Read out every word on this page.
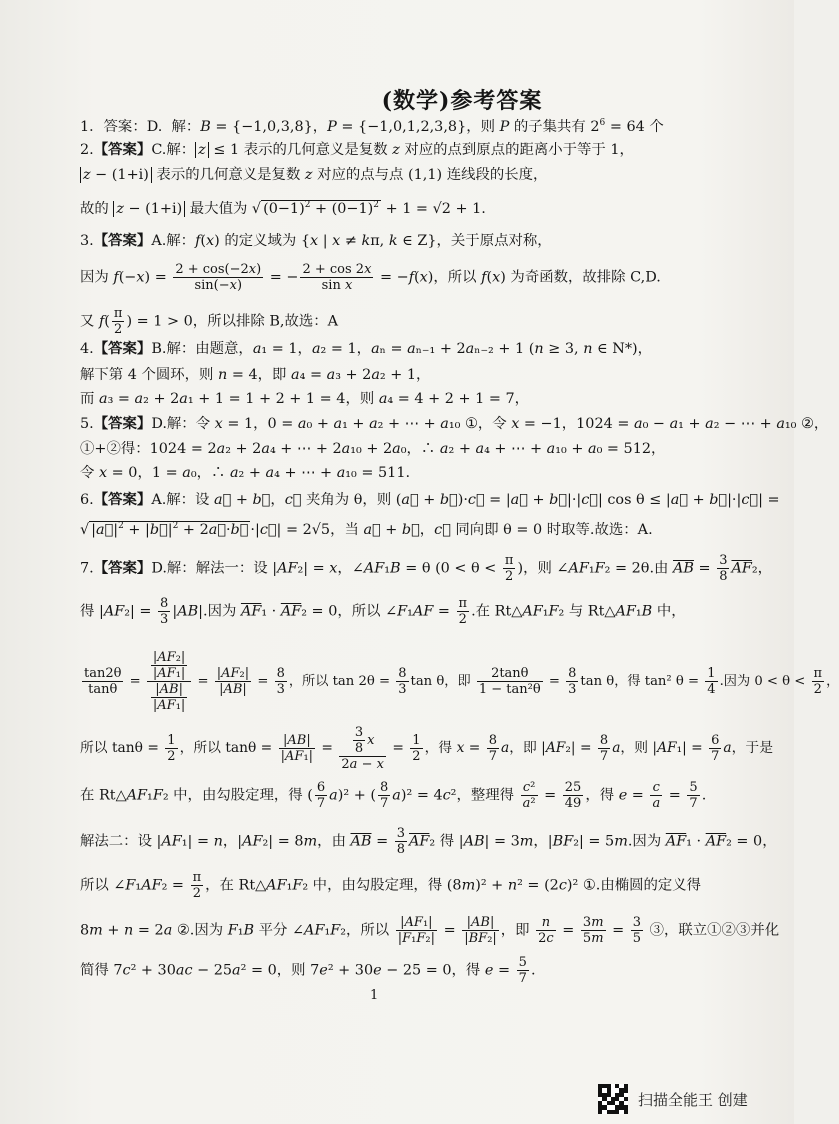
(数学)参考答案
1．答案：D.  解：B = {−1,0,3,8}，P = {−1,0,1,2,3,8}，则 P 的子集共有 $2^6 = 64$ 个
2.【答案】C.解： z ≤ 1 表示的几何意义是复数 z 对应的点到原点的距离小于等于 1，
z − (1+i) 表示的几何意义是复数 z 对应的点与点 (1,1) 连线段的长度，
故的 z − (1+i) 最大值为 √ $(0-1)^2 + (0-1)^2 + 1 = √2 + 1$.
3.【答案】A.解：f(x) 的定义域为 {x | x ≠ kπ, k ∈ Z}，关于原点对称，
因为 $f(-x) = \frac{2 + \cos(-2x)}{\sin(-x)}$ = − $\frac{2 + \cos 2x}{\text{sin x}} = -f(x)$，所以 f(x) 为奇函数，故排除 C,D.
又 $f( \frac{\pi}{2}$ ) = 1 > 0，所以排除 B,故选：A
4.【答案】B.解：由题意，a₁ = 1，a₂ = 1，aₙ = aₙ₋₁ + 2aₙ₋₂ + 1 (n ≥ 3, n ∈ N*)，
解下第 4 个圆环，则 n = 4，即 a₄ = a₃ + 2a₂ + 1，
而 a₃ = a₂ + 2a₁ + 1 = 1 + 2 + 1 = 4，则 a₄ = 4 + 2 + 1 = 7，
5.【答案】D.解：令 x = 1，0 = a₀ + a₁ + a₂ + ⋯ + a₁₀ ①，令 x = −1，1024 = a₀ − a₁ + a₂ − ⋯ + a₁₀ ②，
①+②得：1024 = 2a₂ + 2a₄ + ⋯ + 2a₁₀ + 2a₀，∴ a₂ + a₄ + ⋯ + a₁₀ + a₀ = 512，
令 x = 0，1 = a₀，∴ a₂ + a₄ + ⋯ + a₁₀ = 511.
6.【答案】A.解：设 a⃗ + b⃗，c⃗ 夹角为 θ，则 (a⃗ + b⃗)·c⃗ = |a⃗ + b⃗|·|c⃗| cos θ ≤ |a⃗ + b⃗|·|c⃗| =
√ $|a⃗|^2$ + $|b⃗|^2$ + 2a⃗·b⃗ ·|c⃗| = 2√5，当 a⃗ + b⃗，c⃗ 同向即 θ = 0 时取等.故选：A.
7.【答案】D.解：解法一：设 |AF₂| = x，∠AF₁B = θ ($0 < \theta < \frac{\pi}{2}$ )，则 ∠AF₁F₂ = 2θ.由 $\overline{AB} = \frac{3}{8} \overline{AF}_2$，
得 $|AF_2| = \frac{8}{3} |AB|$.因为 $\overline{AF}_1 \cdot \overline{AF}_2 = 0$，所以 ∠F₁AF = $\frac{\pi}{2}$ .在 Rt△AF₁F₂ 与 Rt△AF₁B 中，
$\frac{\tan 2\theta}{\tan\theta} = \frac{\frac{\text{|AF₂|}}{\text{|AF₁|}}}{\frac{|AB|}{\text{|AF₁|}}} = \frac{\text{|AF₂|}}{|AB|} = \frac{8}{3}$ ，所以 $\tan 2\theta = \frac{8}{3}$ tan θ，即 $\frac{2\tan\theta}{\text{1 − tan²θ}} = \frac{8}{3}$ tan θ，得 tan² $\theta = \frac{1}{4}$ .因为 $0 < \theta < \frac{\pi}{2}$ ，
所以 $\tan\theta = \frac{1}{2}$ ，所以 $\tan\theta = \frac{|AB|}{\text{|AF₁|}} = \frac{\frac{3}{8} x}{2a - x} = \frac{1}{2}$ ，得 $x = \frac{8}{7}$ a，即 $|AF_2| = \frac{8}{7}$ a，则 $|AF_1| = \frac{6}{7}$ a，于是
在 Rt△AF₁F₂ 中，由勾股定理，得 ( $\frac{6}{7} a)^2$ + ( $\frac{8}{7} a)^2 = 4c^2$，整理得 $\frac{\text{c²}}{\text{a²}} = \frac{25}{49}$ ，得 $e = \frac{c}{a} = \frac{5}{7}$ .
解法二：设 |AF₁| = n，|AF₂| = 8m，由 $\overline{AB} = \frac{3}{8} \overline{AF}_2$ 得 |AB| = 3m，|BF₂| = 5m.因为 $\overline{AF}_1 \cdot \overline{AF}_2 = 0$，
所以 ∠F₁AF₂ = $\frac{\pi}{2}$ ，在 Rt△AF₁F₂ 中，由勾股定理，得 (8m)² + n² = (2c)² ①.由椭圆的定义得
8m + n = 2a ②.因为 F₁B 平分 ∠AF₁F₂，所以 $\frac{\text{|AF₁|}}{\text{|F₁F₂|}} = \frac{|AB|}{\text{|BF₂|}}$ ，即 $\frac{n}{2c} = \frac{3m}{5m} = \frac{3}{5}$ ③，联立①②③并化
简得 7c² + 30ac − 25a² = 0，则 7e² + 30e − 25 = 0，得 $e = \frac{5}{7}$ .
1
扫描全能王 创建
